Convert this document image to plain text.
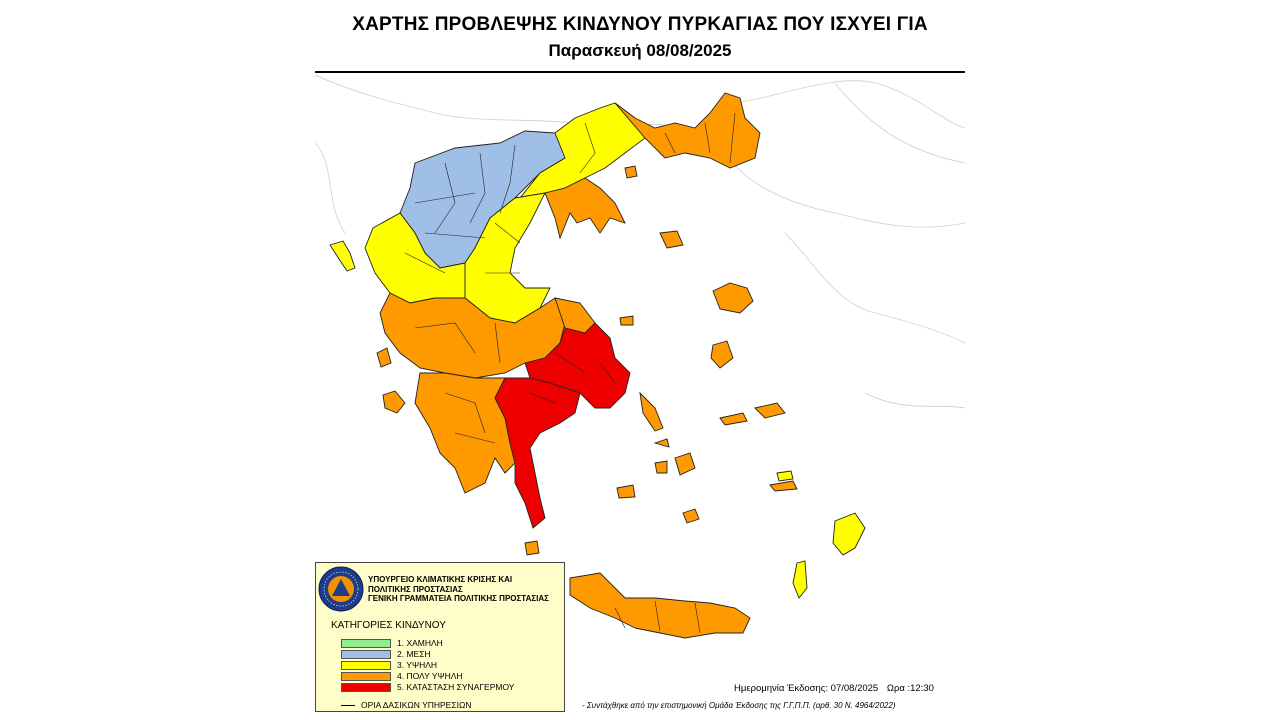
ΧΑΡΤΗΣ ΠΡΟΒΛΕΨΗΣ ΚΙΝΔΥΝΟΥ ΠΥΡΚΑΓΙΑΣ ΠΟΥ ΙΣΧΥΕΙ ΓΙΑ
Παρασκευή 08/08/2025
ΥΠΟΥΡΓΕΙΟ ΚΛΙΜΑΤΙΚΗΣ ΚΡΙΣΗΣ ΚΑΙ
ΠΟΛΙΤΙΚΗΣ ΠΡΟΣΤΑΣΙΑΣ
ΓΕΝΙΚΗ ΓΡΑΜΜΑΤΕΙΑ ΠΟΛΙΤΙΚΗΣ ΠΡΟΣΤΑΣΙΑΣ
ΚΑΤΗΓΟΡΙΕΣ ΚΙΝΔΥΝΟΥ
1. ΧΑΜΗΛΗ
2. ΜΕΣΗ
3. ΥΨΗΛΗ
4. ΠΟΛΥ ΥΨΗΛΗ
5. ΚΑΤΑΣΤΑΣΗ ΣΥΝΑΓΕΡΜΟΥ
ΟΡΙΑ ΔΑΣΙΚΩΝ ΥΠΗΡΕΣΙΩΝ
Ημερομηνία Έκδοσης: 07/08/2025 Ωρα :12:30
- Συντάχθηκε από την επιστημονική Ομάδα Έκδοσης της Γ.Γ.Π.Π. (αρθ. 30 Ν. 4964/2022)
